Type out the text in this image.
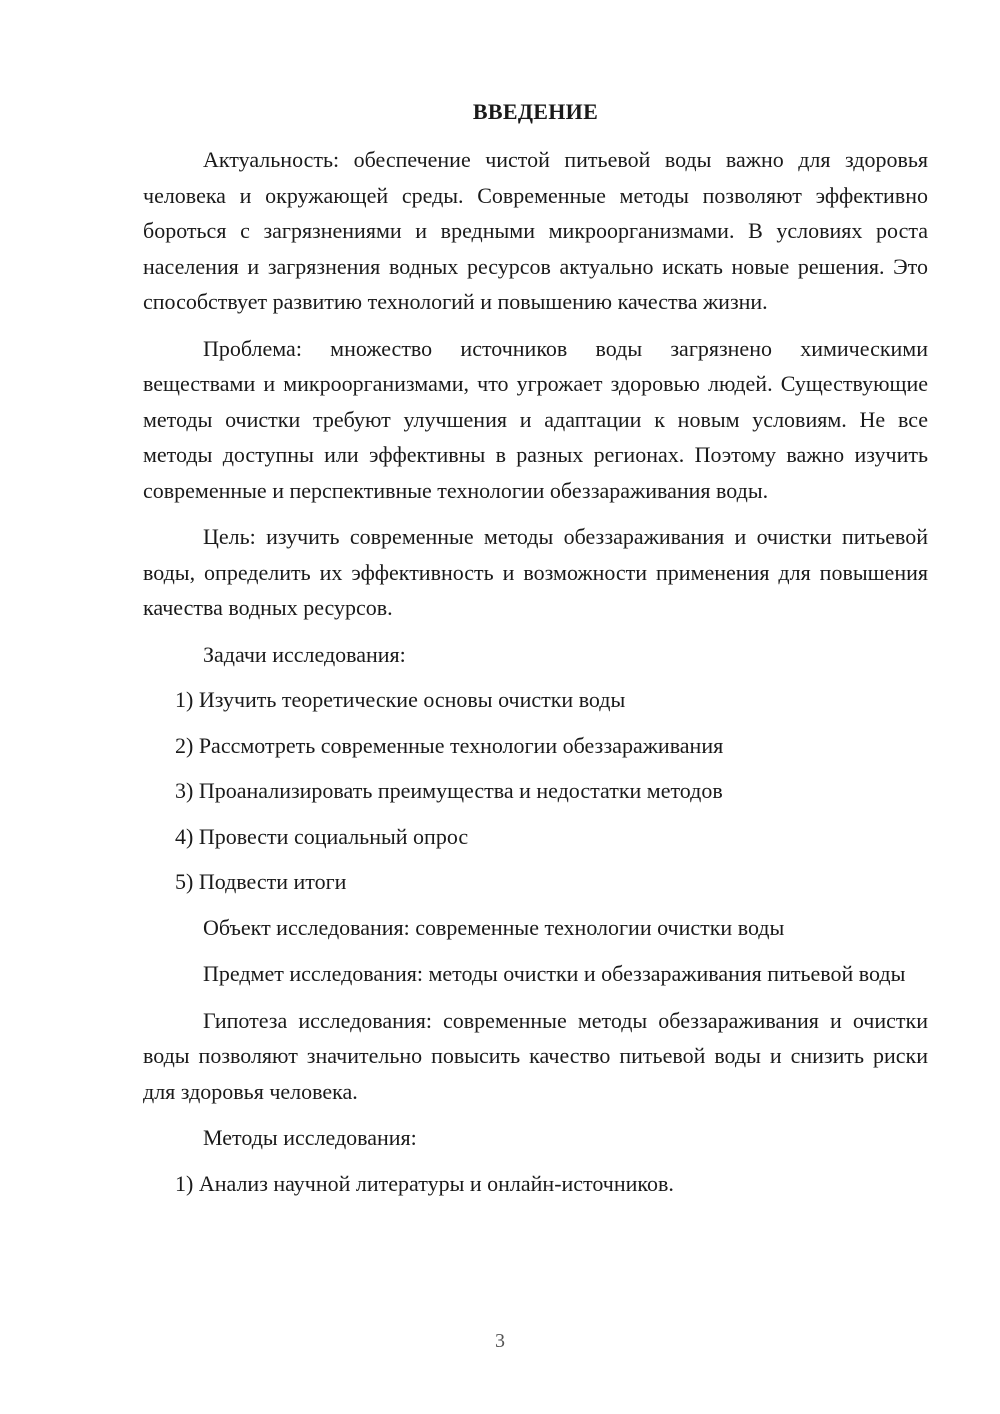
ВВЕДЕНИЕ

Актуальность: обеспечение чистой питьевой воды важно для здоровья человека и окружающей среды. Современные методы позволяют эффективно бороться с загрязнениями и вредными микроорганизмами. В условиях роста населения и загрязнения водных ресурсов актуально искать новые решения. Это способствует развитию технологий и повышению качества жизни.

Проблема: множество источников воды загрязнено химическими веществами и микроорганизмами, что угрожает здоровью людей. Существующие методы очистки требуют улучшения и адаптации к новым условиям. Не все методы доступны или эффективны в разных регионах. Поэтому важно изучить современные и перспективные технологии обеззараживания воды.

Цель: изучить современные методы обеззараживания и очистки питьевой воды, определить их эффективность и возможности применения для повышения качества водных ресурсов.

Задачи исследования:

1) Изучить теоретические основы очистки воды

2) Рассмотреть современные технологии обеззараживания

3) Проанализировать преимущества и недостатки методов

4) Провести социальный опрос

5) Подвести итоги

Объект исследования: современные технологии очистки воды

Предмет исследования: методы очистки и обеззараживания питьевой воды

Гипотеза исследования: современные методы обеззараживания и очистки воды позволяют значительно повысить качество питьевой воды и снизить риски для здоровья человека.

Методы исследования:

1) Анализ научной литературы и онлайн-источников.

3
